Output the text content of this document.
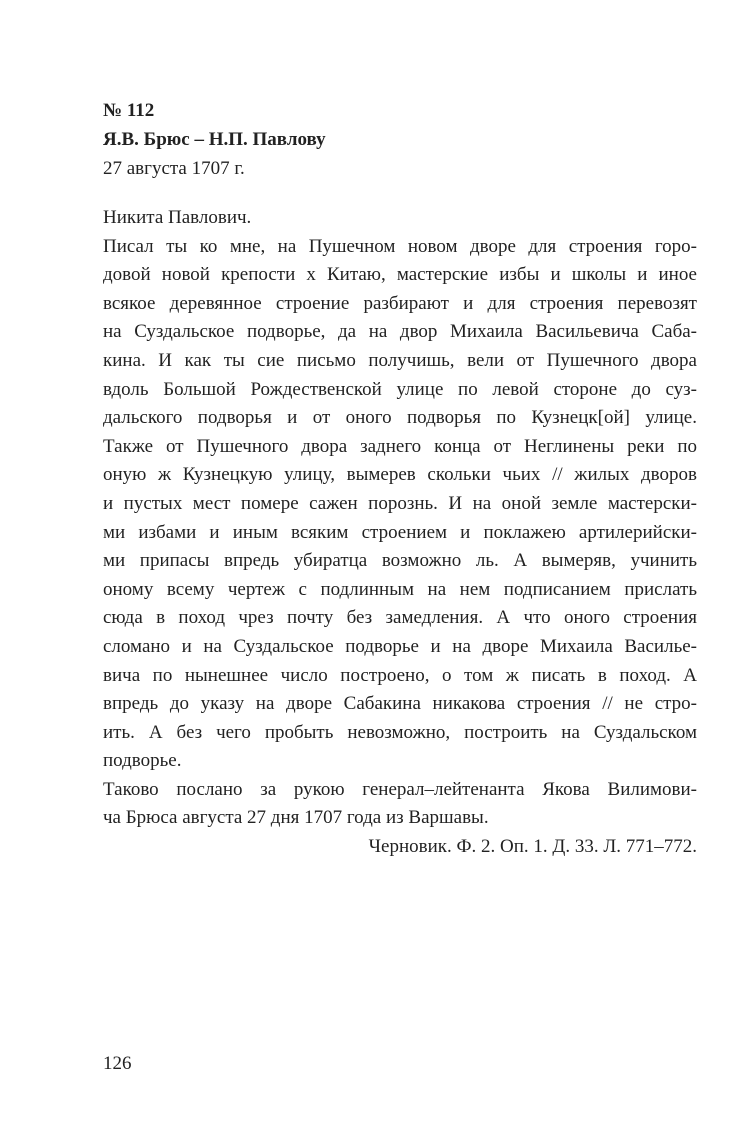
№ 112
Я.В. Брюс – Н.П. Павлову
27 августа 1707 г.
Никита Павлович.
Писал ты ко мне, на Пушечном новом дворе для строения горо-
довой новой крепости х Китаю, мастерские избы и школы и иное
всякое деревянное строение разбирают и для строения перевозят
на Суздальское подворье, да на двор Михаила Васильевича Саба-
кина. И как ты сие письмо получишь, вели от Пушечного двора
вдоль Большой Рождественской улице по левой стороне до суз-
дальского подворья и от оного подворья по Кузнецк[ой] улице.
Также от Пушечного двора заднего конца от Неглинены реки по
оную ж Кузнецкую улицу, вымерев скольки чьих // жилых дворов
и пустых мест помере сажен порознь. И на оной земле мастерски-
ми избами и иным всяким строением и поклажею артилерийски-
ми припасы впредь убиратца возможно ль. А вымеряв, учинить
оному всему чертеж с подлинным на нем подписанием прислать
сюда в поход чрез почту без замедления. А что оного строения
сломано и на Суздальское подворье и на дворе Михаила Василье-
вича по нынешнее число построено, о том ж писать в поход. А
впредь до указу на дворе Сабакина никакова строения // не стро-
ить. А без чего пробыть невозможно, построить на Суздальском
подворье.
Таково послано за рукою генерал–лейтенанта Якова Вилимови-
ча Брюса августа 27 дня 1707 года из Варшавы.
Черновик. Ф. 2. Оп. 1. Д. 33. Л. 771–772.
126
